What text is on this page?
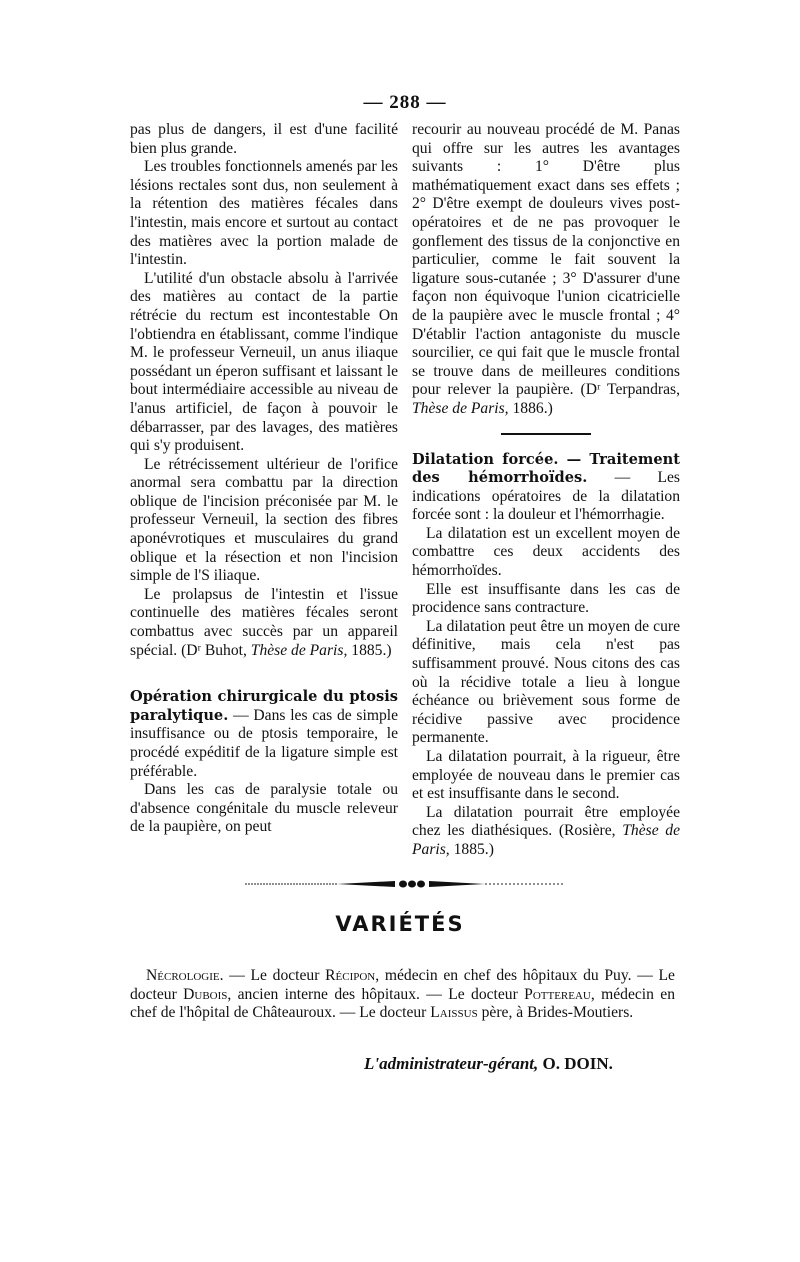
— 288 —

pas plus de dangers, il est d'une facilité bien plus grande.

Les troubles fonctionnels amenés par les lésions rectales sont dus, non seulement à la rétention des matières fécales dans l'intestin, mais encore et surtout au contact des matières avec la portion malade de l'intestin.

L'utilité d'un obstacle absolu à l'arrivée des matières au contact de la partie rétrécie du rectum est incontestable On l'obtiendra en établissant, comme l'indique M. le professeur Verneuil, un anus iliaque possédant un éperon suffisant et laissant le bout intermédiaire accessible au niveau de l'anus artificiel, de façon à pouvoir le débarrasser, par des lavages, des matières qui s'y produisent.

Le rétrécissement ultérieur de l'orifice anormal sera combattu par la direction oblique de l'incision préconisée par M. le professeur Verneuil, la section des fibres aponévrotiques et musculaires du grand oblique et la résection et non l'incision simple de l'S iliaque.

Le prolapsus de l'intestin et l'issue continuelle des matières fécales seront combattus avec succès par un appareil spécial. (Dʳ Buhot, Thèse de Paris, 1885.)

Opération chirurgicale du ptosis paralytique. — Dans les cas de simple insuffisance ou de ptosis temporaire, le procédé expéditif de la ligature simple est préférable.

Dans les cas de paralysie totale ou d'absence congénitale du muscle releveur de la paupière, on peut

recourir au nouveau procédé de M. Panas qui offre sur les autres les avantages suivants : 1° D'être plus mathématiquement exact dans ses effets ; 2° D'être exempt de douleurs vives post-opératoires et de ne pas provoquer le gonflement des tissus de la conjonctive en particulier, comme le fait souvent la ligature sous-cutanée ; 3° D'assurer d'une façon non équivoque l'union cicatricielle de la paupière avec le muscle frontal ; 4° D'établir l'action antagoniste du muscle sourcilier, ce qui fait que le muscle frontal se trouve dans de meilleures conditions pour relever la paupière. (Dʳ Terpandras, Thèse de Paris, 1886.)

Dilatation forcée. — Traitement des hémorrhoïdes. — Les indications opératoires de la dilatation forcée sont : la douleur et l'hémorrhagie.

La dilatation est un excellent moyen de combattre ces deux accidents des hémorrhoïdes.

Elle est insuffisante dans les cas de procidence sans contracture.

La dilatation peut être un moyen de cure définitive, mais cela n'est pas suffisamment prouvé. Nous citons des cas où la récidive totale a lieu à longue échéance ou brièvement sous forme de récidive passive avec procidence permanente.

La dilatation pourrait, à la rigueur, être employée de nouveau dans le premier cas et est insuffisante dans le second.

La dilatation pourrait être employée chez les diathésiques. (Rosière, Thèse de Paris, 1885.)

VARIÉTÉS
Nécrologie. — Le docteur Récipon, médecin en chef des hôpitaux du Puy. — Le docteur Dubois, ancien interne des hôpitaux. — Le docteur Pottereau, médecin en chef de l'hôpital de Châteauroux. — Le docteur Laissus père, à Brides-Moutiers.
L'administrateur-gérant, O. DOIN.
